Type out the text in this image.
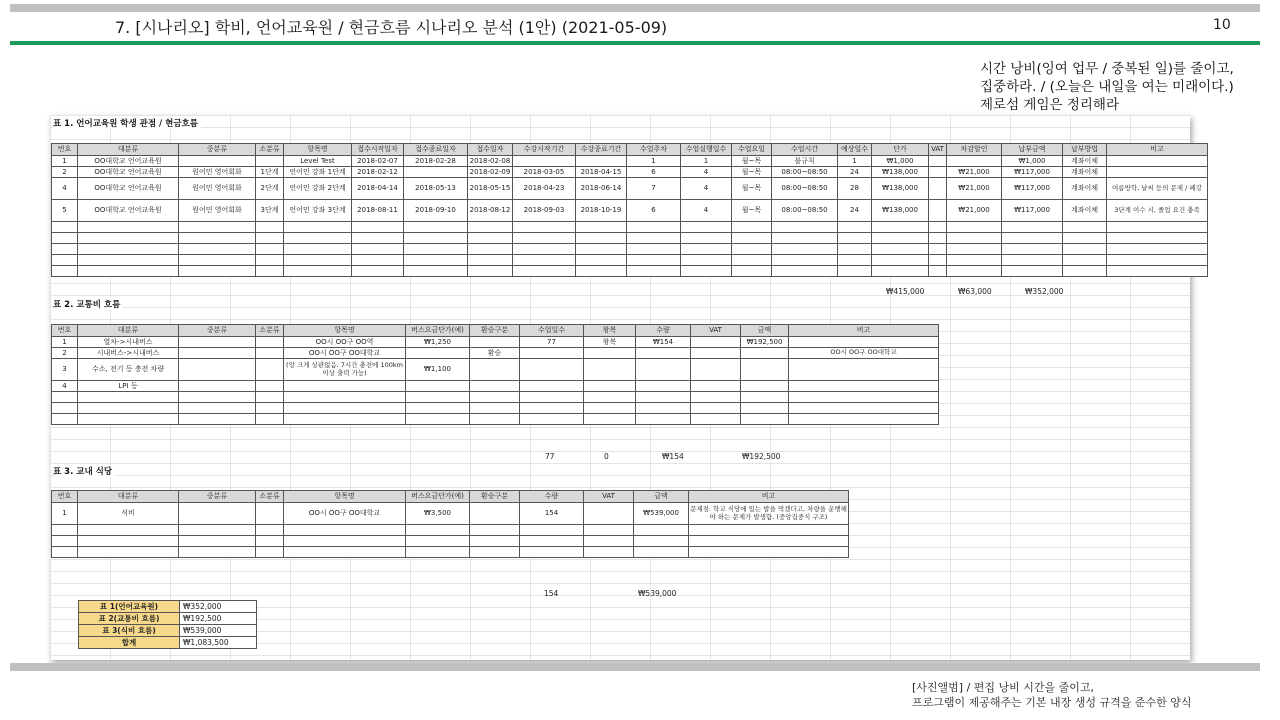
7. [시나리오] 학비, 언어교육원 / 현금흐름 시나리오 분석 (1안) (2021-05-09)	10
시간 낭비(잉여 업무 / 중복된 일)를 줄이고,
집중하라. / (오늘은 내일을 여는 미래이다.)
제로섬 게임은 정리해라
표 1. 언어교육원 학생 관점 / 현금흐름
번호	대분류	중분류	소분류	항목명	접수시작일자	접수종료일자	접수일자	수강시작기간	수강종료기간	수업주차	수업실행일수	수업요일	수업시간	예상일수	단가	VAT	차감할인	납부금액	납부방법	비고
1	OO대학교 언어교육원			Level Test	2018-02-07	2018-02-28	2018-02-08			1	1	월~목	불규칙	1	₩1,000			₩1,000	계좌이체	
2	OO대학교 언어교육원	원어민 영어회화	1단계	언어민 강좌 1단계	2018-02-12		2018-02-09	2018-03-05	2018-04-15	6	4	월~목	08:00~08:50	24	₩138,000		₩21,000	₩117,000	계좌이체	
4	OO대학교 언어교육원	원어민 영어회화	2단계	언어민 강좌 2단계	2018-04-14	2018-05-13	2018-05-15	2018-04-23	2018-06-14	7	4	월~목	08:00~08:50	28	₩138,000		₩21,000	₩117,000	계좌이체	여름방학, 날씨 등의 문제 / 폐강
5	OO대학교 언어교육원	원어민 영어회화	3단계	언어민 강좌 3단계	2018-08-11	2018-09-10	2018-08-12	2018-09-03	2018-10-19	6	4	월~목	08:00~08:50	24	₩138,000		₩21,000	₩117,000	계좌이체	3단계 이수 시, 졸업 요건 충족

₩415,000	₩63,000	₩352,000
표 2. 교통비 흐름
번호	대분류	중분류	소분류	항목명	버스요금단가(예)	환승구분	수업일수	왕복	수량	VAT	금액	비고
1	열차->시내버스			OO시 OO구 OO역	₩1,250		77	왕복	₩154		₩192,500	
2	시내버스->시내버스			OO시 OO구 OO대학교		환승						OO시 OO구 OO대학교
3	수소, 전기 등 충전 차량			(앙 크게 상관없음. 7시간 충전에 100km이상 출력 가능)	₩1,100							
4	LPI 등											

77	0	₩154	₩192,500
표 3. 교내 식당
번호	대분류	중분류	소분류	항목명	버스요금단가(예)	환승구분	수량	VAT	금액	비고
1	식비			OO시 OO구 OO대학교	₩3,500		154		₩539,000	문제점: 학교 식당에 있는 밥을 먹겠다고, 차량을 운행해야 하는 문제가 발생함. (중앙집중식 구조)

154	₩539,000
표 1(언어교육원)	₩352,000
표 2(교통비 흐름)	₩192,500
표 3(식비 흐름)	₩539,000
합계	₩1,083,500
[사진앨범] / 편집 낭비 시간을 줄이고,
프로그램이 제공해주는 기본 내장 생성 규격을 준수한 양식
